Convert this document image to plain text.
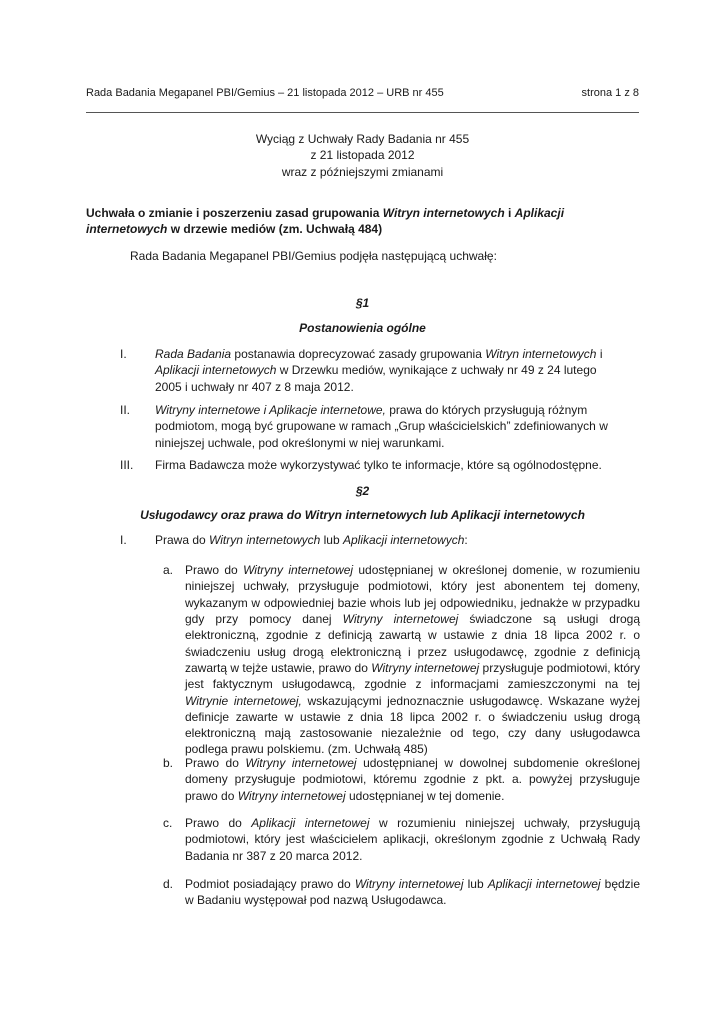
Rada Badania Megapanel PBI/Gemius – 21 listopada 2012 – URB nr 455	strona 1 z 8
Wyciąg z Uchwały Rady Badania nr 455
z 21 listopada 2012
wraz z późniejszymi zmianami
Uchwała o zmianie i poszerzeniu zasad grupowania Witryn internetowych i Aplikacji internetowych w drzewie mediów (zm. Uchwałą 484)
Rada Badania Megapanel PBI/Gemius podjęła następującą uchwałę:
§1
Postanowienia ogólne
I.	Rada Badania postanawia doprecyzować zasady grupowania Witryn internetowych i Aplikacji internetowych w Drzewku mediów, wynikające z uchwały nr 49 z 24 lutego 2005 i uchwały nr 407 z 8 maja 2012.
II.	Witryny internetowe i Aplikacje internetowe, prawa do których przysługują różnym podmiotom, mogą być grupowane w ramach „Grup właścicielskich” zdefiniowanych w niniejszej uchwale, pod określonymi w niej warunkami.
III.	Firma Badawcza może wykorzystywać tylko te informacje, które są ogólnodostępne.
§2
Usługodawcy oraz prawa do Witryn internetowych lub Aplikacji internetowych
I.	Prawa do Witryn internetowych lub Aplikacji internetowych:
a. Prawo do Witryny internetowej udostępnianej w określonej domenie, w rozumieniu niniejszej uchwały, przysługuje podmiotowi, który jest abonentem tej domeny, wykazanym w odpowiedniej bazie whois lub jej odpowiedniku, jednakże w przypadku gdy przy pomocy danej Witryny internetowej świadczone są usługi drogą elektroniczną, zgodnie z definicją zawartą w ustawie z dnia 18 lipca 2002 r. o świadczeniu usług drogą elektroniczną i przez usługodawcę, zgodnie z definicją zawartą w tejże ustawie, prawo do Witryny internetowej przysługuje podmiotowi, który jest faktycznym usługodawcą, zgodnie z informacjami zamieszczonymi na tej Witrynie internetowej, wskazującymi jednoznacznie usługodawcę. Wskazane wyżej definicje zawarte w ustawie z dnia 18 lipca 2002 r. o świadczeniu usług drogą elektroniczną mają zastosowanie niezależnie od tego, czy dany usługodawca podlega prawu polskiemu. (zm. Uchwałą 485)
b. Prawo do Witryny internetowej udostępnianej w dowolnej subdomenie określonej domeny przysługuje podmiotowi, któremu zgodnie z pkt. a. powyżej przysługuje prawo do Witryny internetowej udostępnianej w tej domenie.
c.	Prawo do Aplikacji internetowej w rozumieniu niniejszej uchwały, przysługują podmiotowi, który jest właścicielem aplikacji, określonym zgodnie z Uchwałą Rady Badania nr 387 z 20 marca 2012.
d. Podmiot posiadający prawo do Witryny internetowej lub Aplikacji internetowej będzie w Badaniu występował pod nazwą Usługodawca.
